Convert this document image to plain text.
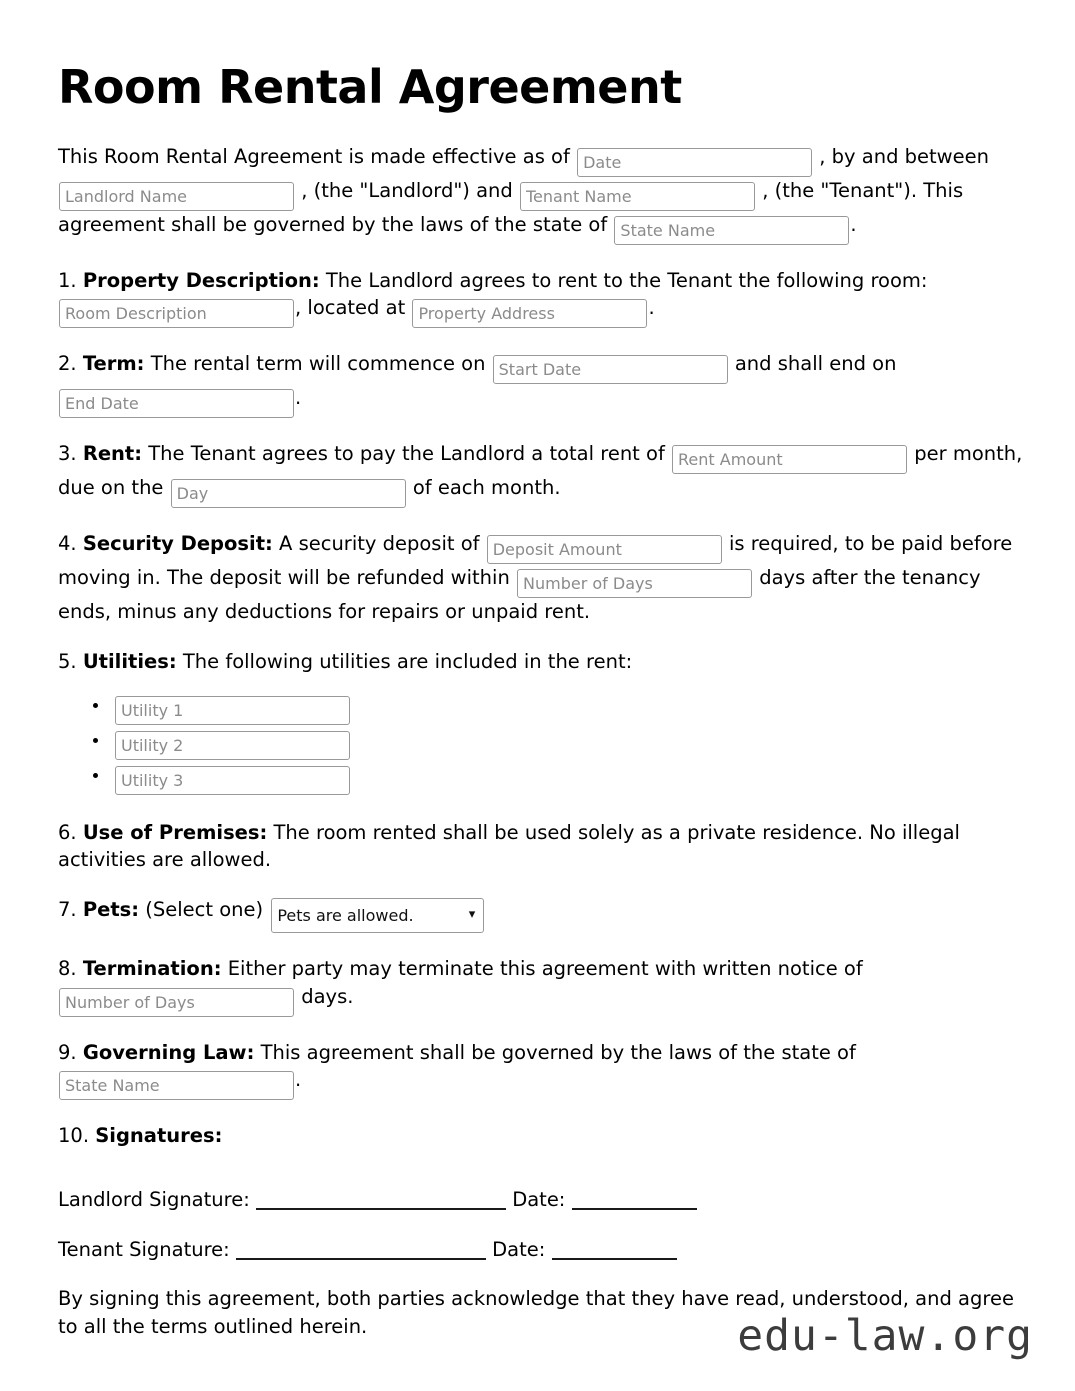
Room Rental Agreement

This Room Rental Agreement is made effective as of Date	, by and between Landlord Name , (the "Landlord") and Tenant Name	, (the "Tenant"). This agreement shall be governed by the laws of the state of State Name	.

1. Property Description: The Landlord agrees to rent to the Tenant the following room:
Room Description, located at Property Address	.

2. Term: The rental term will commence on Start Date	and shall end on End Date.

3. Rent: The Tenant agrees to pay the Landlord a total rent of Rent Amount	per month, due on the Day	of each month.

4. Security Deposit: A security deposit of Deposit Amount	is required, to be paid before moving in. The deposit will be refunded within Number of Days	days after the tenancy ends, minus any deductions for repairs or unpaid rent.

5. Utilities: The following utilities are included in the rent:

• Utility 1
• Utility 2
• Utility 3

6. Use of Premises: The room rented shall be used solely as a private residence. No illegal activities are allowed.

7. Pets: (Select one)
Pets are allowed.	▾

8. Termination: Either party may terminate this agreement with written notice of
Number of Days days.

9. Governing Law: This agreement shall be governed by the laws of the state of
State Name.

10. Signatures:

Landlord Signature:	Date:
Tenant Signature:	Date:

By signing this agreement, both parties acknowledge that they have read, understood, and agree to all the terms outlined herein.	edu-law.org
